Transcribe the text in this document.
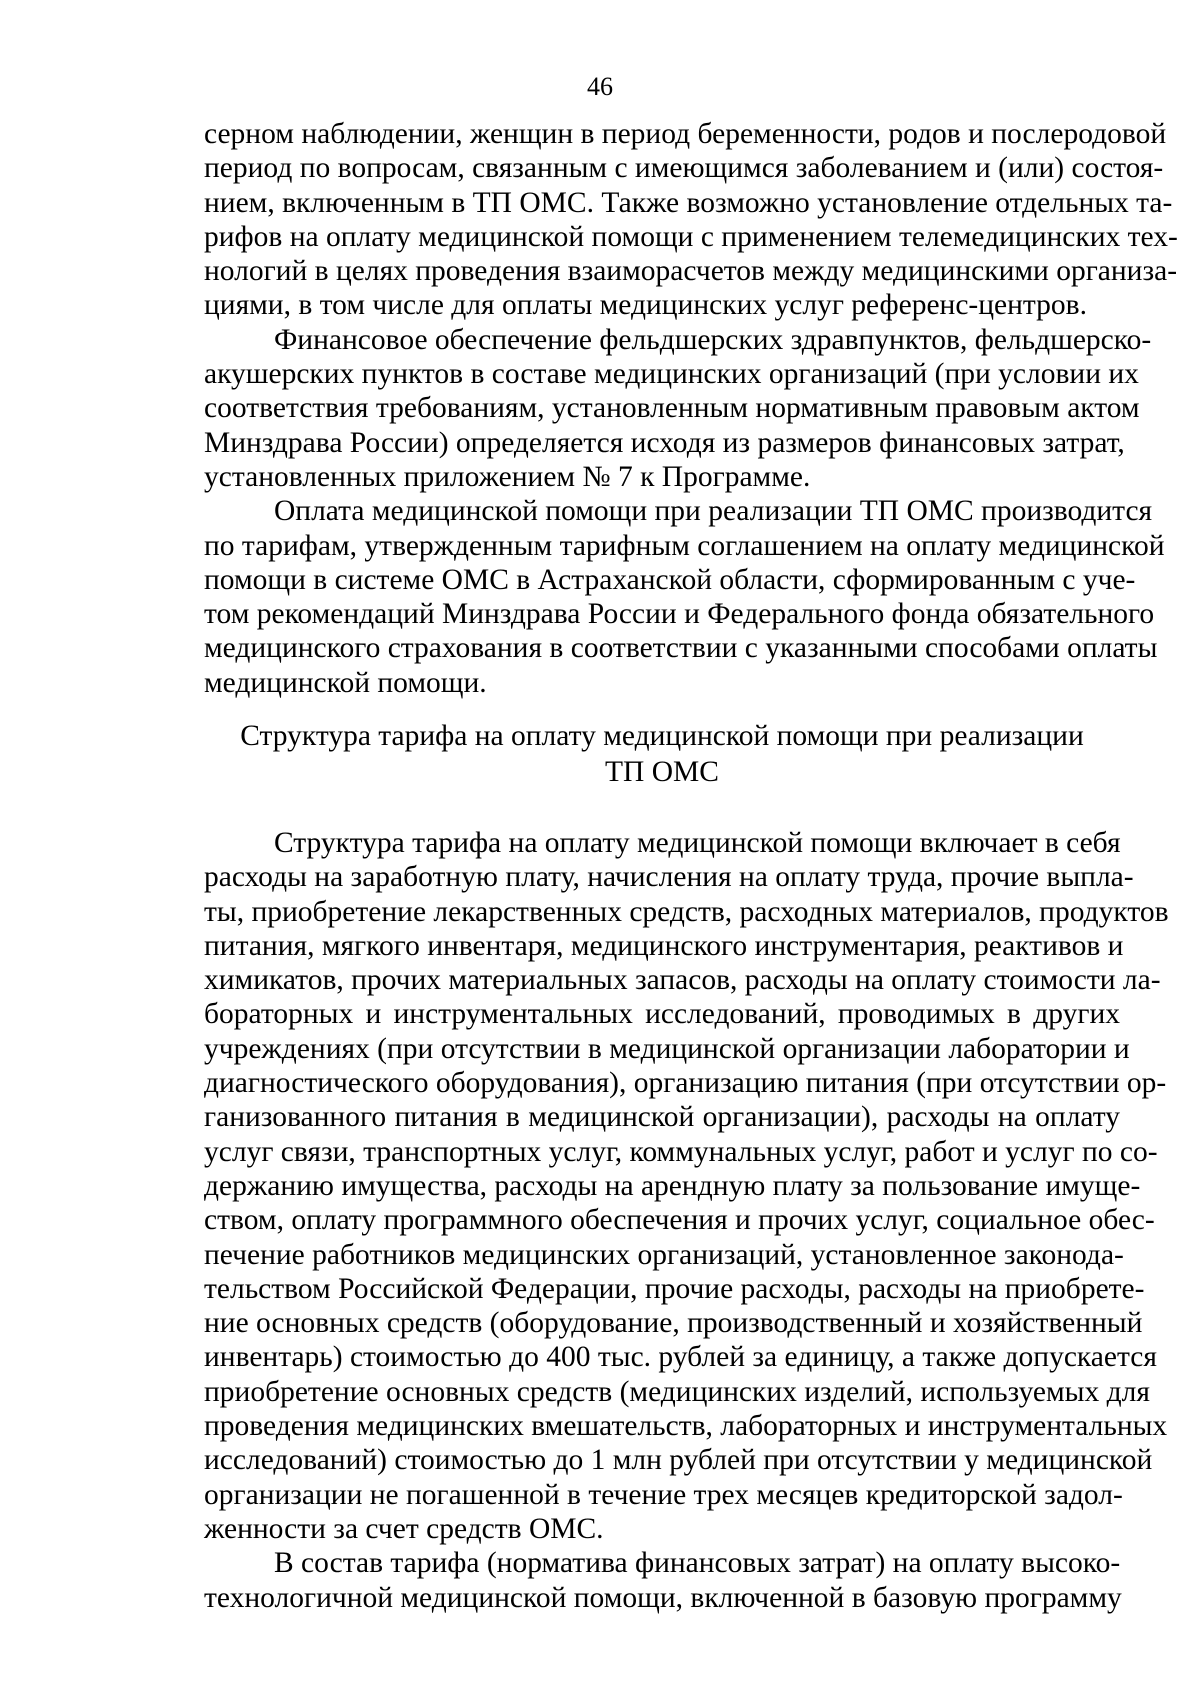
46
серном наблюдении, женщин в период беременности, родов и послеродовой
период по вопросам, связанным с имеющимся заболеванием и (или) состоя-
нием, включенным в ТП ОМС. Также возможно установление отдельных та-
рифов на оплату медицинской помощи с применением телемедицинских тех-
нологий в целях проведения взаиморасчетов между медицинскими организа-
циями, в том числе для оплаты медицинских услуг референс-центров.
Финансовое обеспечение фельдшерских здравпунктов, фельдшерско-
акушерских пунктов в составе медицинских организаций (при условии их
соответствия требованиям, установленным нормативным правовым актом
Минздрава России) определяется исходя из размеров финансовых затрат,
установленных приложением № 7 к Программе.
Оплата медицинской помощи при реализации ТП ОМС производится
по тарифам, утвержденным тарифным соглашением на оплату медицинской
помощи в системе ОМС в Астраханской области, сформированным с уче-
том рекомендаций Минздрава России и Федерального фонда обязательного
медицинского страхования в соответствии с указанными способами оплаты
медицинской помощи.
Структура тарифа на оплату медицинской помощи при реализации
ТП ОМС
Структура тарифа на оплату медицинской помощи включает в себя
расходы на заработную плату, начисления на оплату труда, прочие выпла-
ты, приобретение лекарственных средств, расходных материалов, продуктов
питания, мягкого инвентаря, медицинского инструментария, реактивов и
химикатов, прочих материальных запасов, расходы на оплату стоимости ла-
бораторных и инструментальных исследований, проводимых в других
учреждениях (при отсутствии в медицинской организации лаборатории и
диагностического оборудования), организацию питания (при отсутствии ор-
ганизованного питания в медицинской организации), расходы на оплату
услуг связи, транспортных услуг, коммунальных услуг, работ и услуг по со-
держанию имущества, расходы на арендную плату за пользование имуще-
ством, оплату программного обеспечения и прочих услуг, социальное обес-
печение работников медицинских организаций, установленное законода-
тельством Российской Федерации, прочие расходы, расходы на приобрете-
ние основных средств (оборудование, производственный и хозяйственный
инвентарь) стоимостью до 400 тыс. рублей за единицу, а также допускается
приобретение основных средств (медицинских изделий, используемых для
проведения медицинских вмешательств, лабораторных и инструментальных
исследований) стоимостью до 1 млн рублей при отсутствии у медицинской
организации не погашенной в течение трех месяцев кредиторской задол-
женности за счет средств ОМС.
В состав тарифа (норматива финансовых затрат) на оплату высоко-
технологичной медицинской помощи, включенной в базовую программу
